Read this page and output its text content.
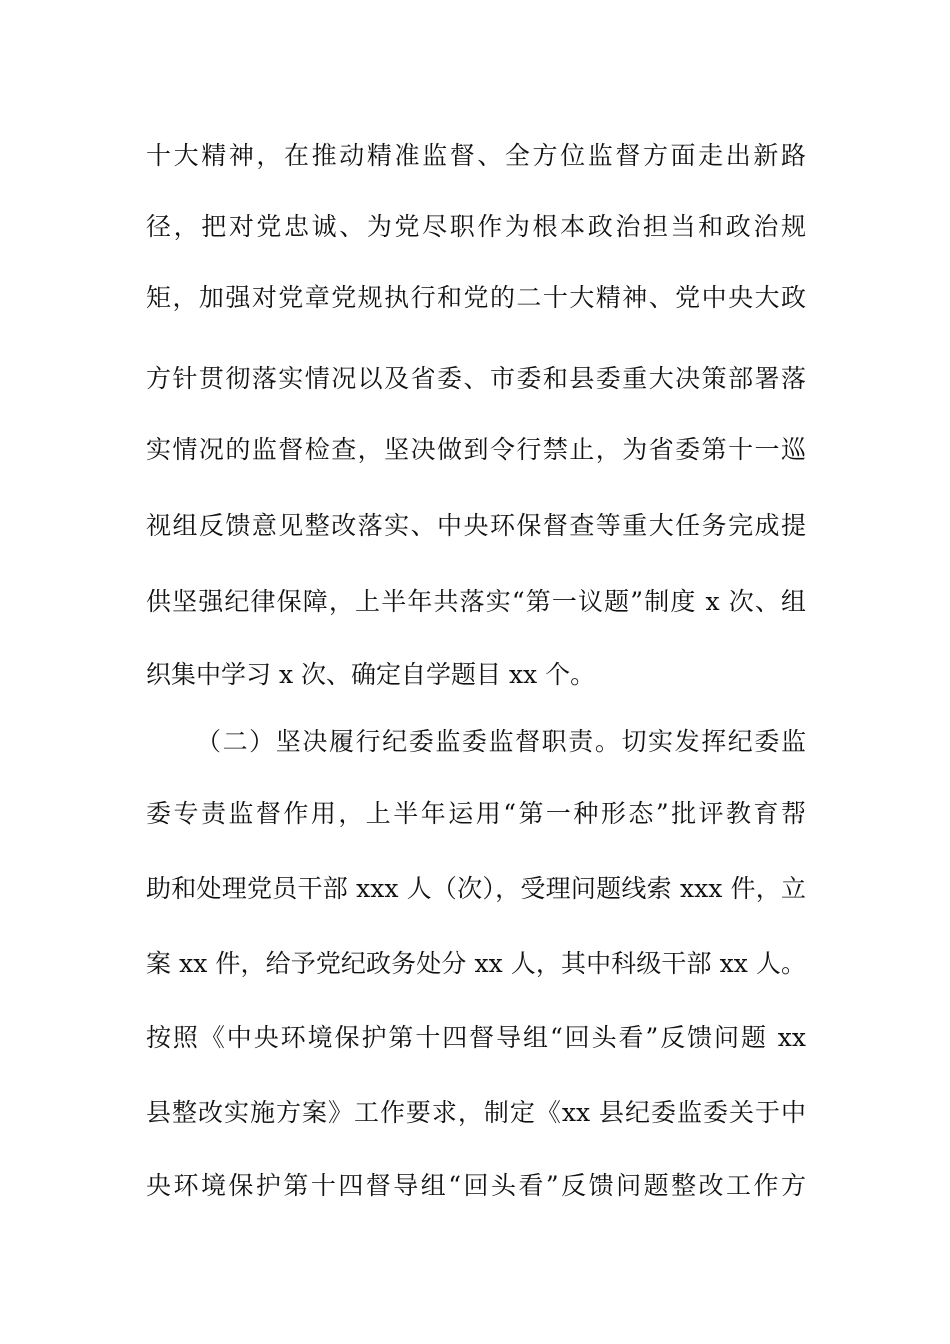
十大精神，在推动精准监督、全方位监督方面走出新路
径，把对党忠诚、为党尽职作为根本政治担当和政治规
矩，加强对党章党规执行和党的二十大精神、党中央大政
方针贯彻落实情况以及省委、市委和县委重大决策部署落
实情况的监督检查，坚决做到令行禁止，为省委第十一巡
视组反馈意见整改落实、中央环保督查等重大任务完成提
供坚强纪律保障，上半年共落实“第一议题”制度 x 次、组
织集中学习 x 次、确定自学题目 xx 个。
（二）坚决履行纪委监委监督职责。切实发挥纪委监
委专责监督作用，上半年运用“第一种形态”批评教育帮
助和处理党员干部 xxx 人（次），受理问题线索 xxx 件，立
案 xx 件，给予党纪政务处分 xx 人，其中科级干部 xx 人。
按照《中央环境保护第十四督导组“回头看”反馈问题 xx
县整改实施方案》工作要求，制定《xx 县纪委监委关于中
央环境保护第十四督导组“回头看”反馈问题整改工作方
